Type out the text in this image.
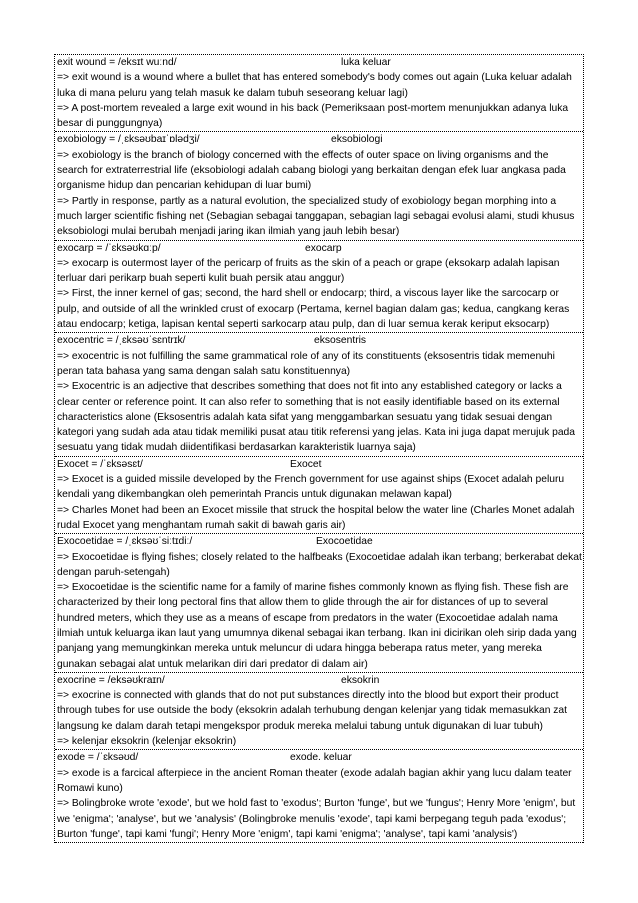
exit wound = /eksɪt wuːnd/	luka keluar
=> exit wound is a wound where a bullet that has entered somebody's body comes out again (Luka keluar adalah luka di mana peluru yang telah masuk ke dalam tubuh seseorang keluar lagi)
=> A post-mortem revealed a large exit wound in his back (Pemeriksaan post-mortem menunjukkan adanya luka besar di punggungnya)
exobiology = /ˌɛksəʊbaɪˈɒlədʒi/	eksobiologi
=> exobiology is the branch of biology concerned with the effects of outer space on living organisms and the search for extraterrestrial life (eksobiologi adalah cabang biologi yang berkaitan dengan efek luar angkasa pada organisme hidup dan pencarian kehidupan di luar bumi)
=> Partly in response, partly as a natural evolution, the specialized study of exobiology began morphing into a much larger scientific fishing net (Sebagian sebagai tanggapan, sebagian lagi sebagai evolusi alami, studi khusus eksobiologi mulai berubah menjadi jaring ikan ilmiah yang jauh lebih besar)
exocarp = /ˈɛksəʊkɑːp/	exocarp
=> exocarp is outermost layer of the pericarp of fruits as the skin of a peach or grape (eksokarp adalah lapisan terluar dari perikarp buah seperti kulit buah persik atau anggur)
=> First, the inner kernel of gas; second, the hard shell or endocarp; third, a viscous layer like the sarcocarp or pulp, and outside of all the wrinkled crust of exocarp (Pertama, kernel bagian dalam gas; kedua, cangkang keras atau endocarp; ketiga, lapisan kental seperti sarkocarp atau pulp, dan di luar semua kerak keriput eksocarp)
exocentric = /ˌɛksəʊˈsɛntrɪk/	eksosentris
=> exocentric is not fulfilling the same grammatical role of any of its constituents (eksosentris tidak memenuhi peran tata bahasa yang sama dengan salah satu konstituennya)
=> Exocentric is an adjective that describes something that does not fit into any established category or lacks a clear center or reference point. It can also refer to something that is not easily identifiable based on its external characteristics alone (Eksosentris adalah kata sifat yang menggambarkan sesuatu yang tidak sesuai dengan kategori yang sudah ada atau tidak memiliki pusat atau titik referensi yang jelas. Kata ini juga dapat merujuk pada sesuatu yang tidak mudah diidentifikasi berdasarkan karakteristik luarnya saja)
Exocet = /ˈɛksəsɛt/	Exocet
=> Exocet is a guided missile developed by the French government for use against ships (Exocet adalah peluru kendali yang dikembangkan oleh pemerintah Prancis untuk digunakan melawan kapal)
=> Charles Monet had been an Exocet missile that struck the hospital below the water line (Charles Monet adalah rudal Exocet yang menghantam rumah sakit di bawah garis air)
Exocoetidae = /ˌɛksəʊˈsiːtɪdiː/	Exocoetidae
=> Exocoetidae is flying fishes; closely related to the halfbeaks (Exocoetidae adalah ikan terbang; berkerabat dekat dengan paruh-setengah)
=> Exocoetidae is the scientific name for a family of marine fishes commonly known as flying fish. These fish are characterized by their long pectoral fins that allow them to glide through the air for distances of up to several hundred meters, which they use as a means of escape from predators in the water (Exocoetidae adalah nama ilmiah untuk keluarga ikan laut yang umumnya dikenal sebagai ikan terbang. Ikan ini dicirikan oleh sirip dada yang panjang yang memungkinkan mereka untuk meluncur di udara hingga beberapa ratus meter, yang mereka gunakan sebagai alat untuk melarikan diri dari predator di dalam air)
exocrine = /eksəʊkraɪn/	eksokrin
=> exocrine is connected with glands that do not put substances directly into the blood but export their product through tubes for use outside the body (eksokrin adalah terhubung dengan kelenjar yang tidak memasukkan zat langsung ke dalam darah tetapi mengekspor produk mereka melalui tabung untuk digunakan di luar tubuh)
=> kelenjar eksokrin (kelenjar eksokrin)
exode = /ˈɛksəʊd/	exode. keluar
=> exode is a farcical afterpiece in the ancient Roman theater (exode adalah bagian akhir yang lucu dalam teater Romawi kuno)
=> Bolingbroke wrote 'exode', but we hold fast to 'exodus'; Burton 'funge', but we 'fungus'; Henry More 'enigm', but we 'enigma'; 'analyse', but we 'analysis' (Bolingbroke menulis 'exode', tapi kami berpegang teguh pada 'exodus'; Burton 'funge', tapi kami 'fungi'; Henry More 'enigm', tapi kami 'enigma'; 'analyse', tapi kami 'analysis')
